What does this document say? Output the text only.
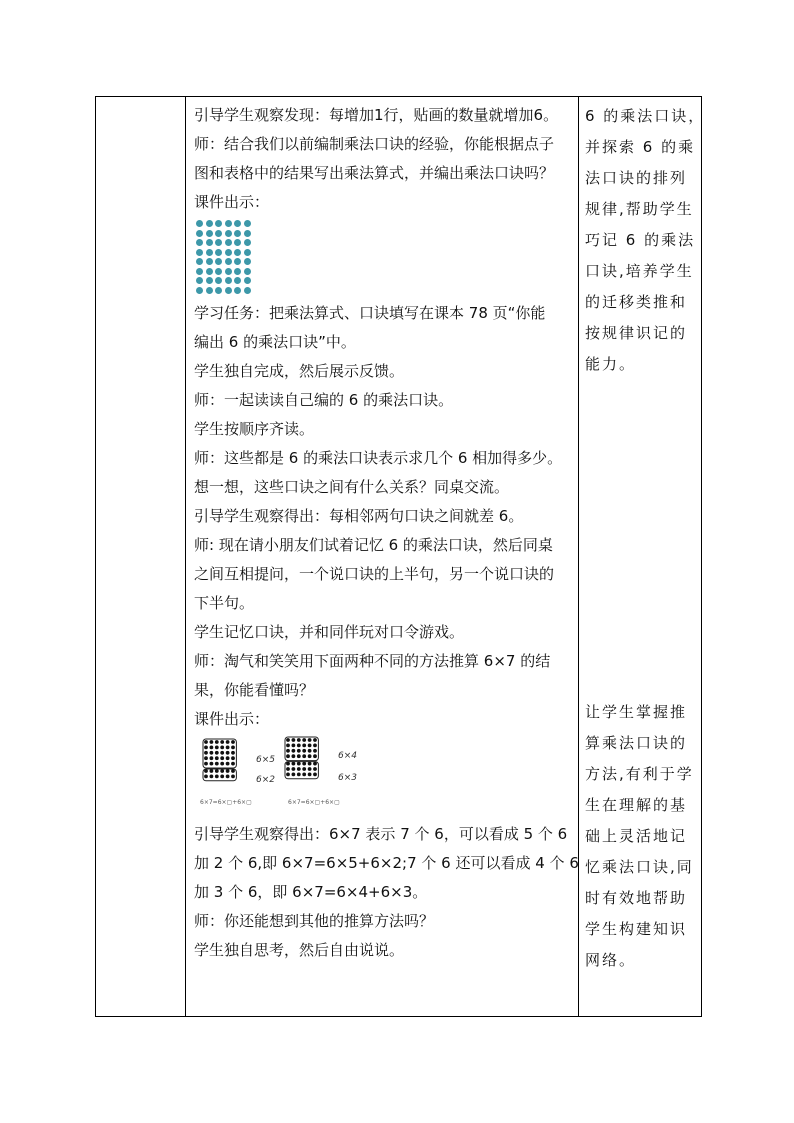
引导学生观察发现：每增加1行，贴画的数量就增加6。

师：结合我们以前编制乘法口诀的经验，你能根据点子

图和表格中的结果写出乘法算式，并编出乘法口诀吗？

课件出示：

学习任务：把乘法算式、口诀填写在课本 78 页“你能

编出 6 的乘法口诀”中。

学生独自完成，然后展示反馈。

师：一起读读自己编的 6 的乘法口诀。

学生按顺序齐读。

师：这些都是 6 的乘法口诀表示求几个 6 相加得多少。

想一想，这些口诀之间有什么关系？同桌交流。

引导学生观察得出：每相邻两句口诀之间就差 6。

师: 现在请小朋友们试着记忆 6 的乘法口诀，然后同桌

之间互相提问，一个说口诀的上半句，另一个说口诀的

下半句。

学生记忆口诀，并和同伴玩对口令游戏。

师：淘气和笑笑用下面两种不同的方法推算 6×7 的结

果，你能看懂吗？

课件出示：

6×5
6×2
6×4
6×3
6×7=6×▢+6×▢	6×7=6×▢+6×▢

引导学生观察得出：6×7 表示 7 个 6，可以看成 5 个 6

加 2 个 6,即 6×7=6×5+6×2;7 个 6 还可以看成 4 个 6

加 3 个 6，即 6×7=6×4+6×3。

师：你还能想到其他的推算方法吗？

学生独自思考，然后自由说说。

6 的乘法口诀，

并探索 6 的乘

法口诀的排列

规律,帮助学生

巧记 6 的乘法

口诀,培养学生

的迁移类推和

按规律识记的

能力。

让学生掌握推

算乘法口诀的

方法,有利于学

生在理解的基

础上灵活地记

忆乘法口诀,同

时有效地帮助

学生构建知识

网络。
